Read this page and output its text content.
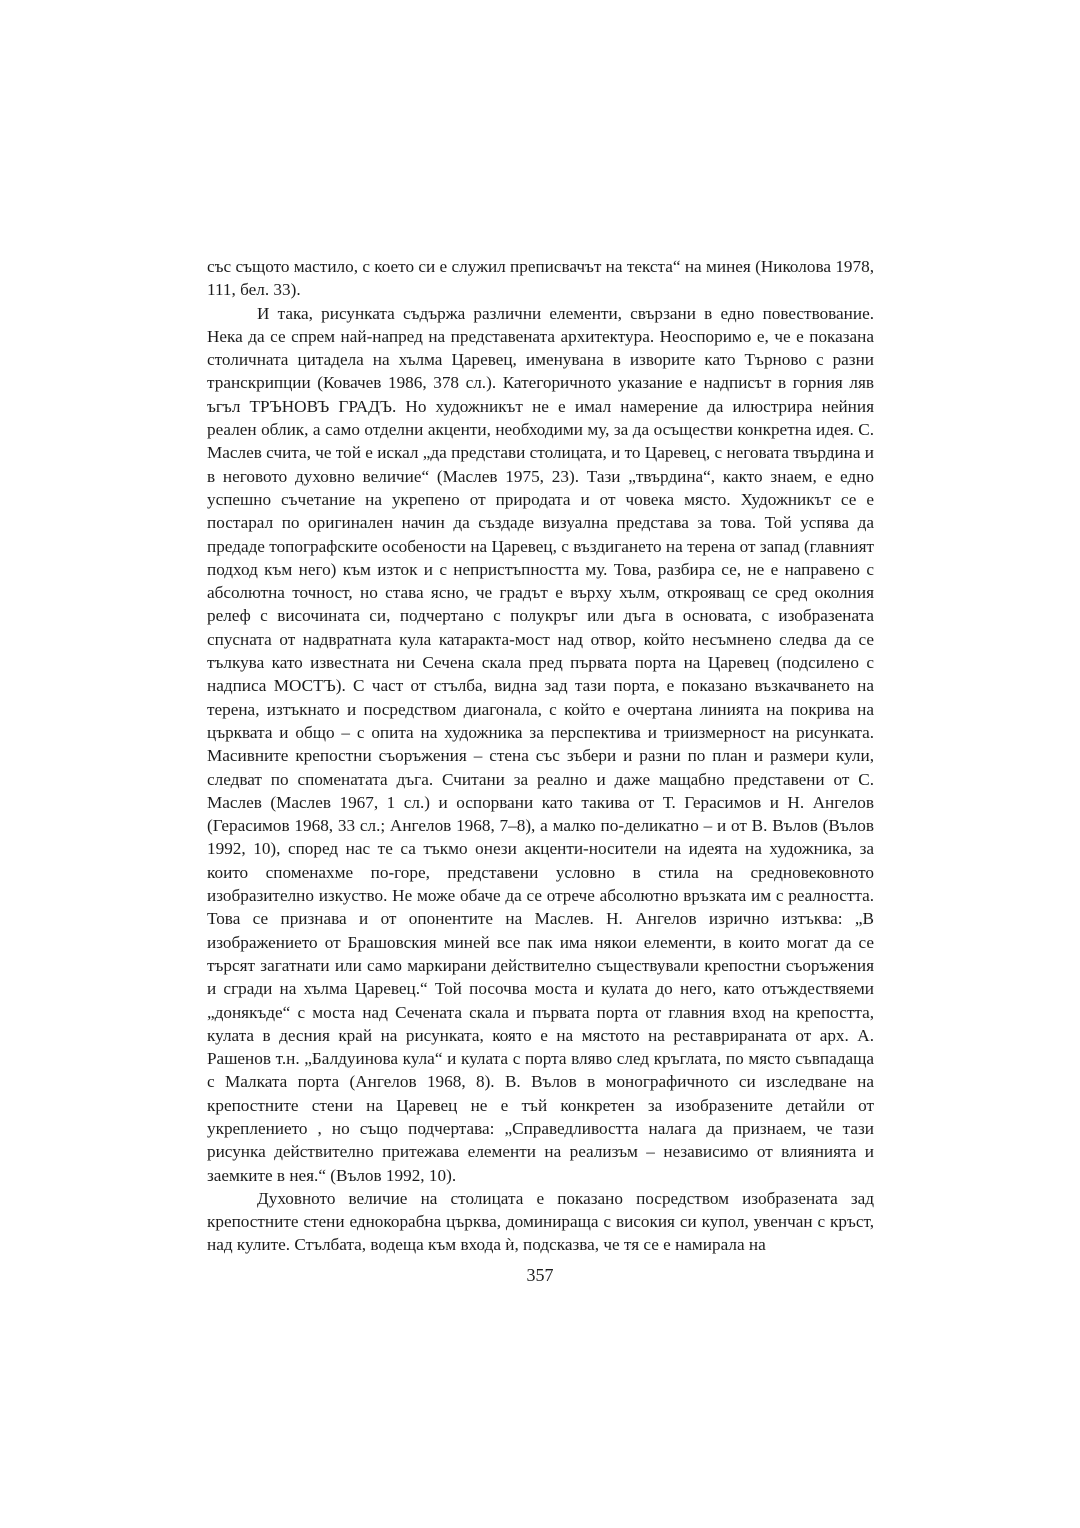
със същото мастило, с което си е служил преписвачът на текста“ на минея (Николова 1978, 111, бел. 33).

И така, рисунката съдържа различни елементи, свързани в едно повествование. Нека да се спрем най-напред на представената архитектура. Неоспоримо е, че е показана столичната цитадела на хълма Царевец, именувана в изворите като Търново с разни транскрипции (Ковачев 1986, 378 сл.). Категоричното указание е надписът в горния ляв ъгъл ТРЪНОВЪ ГРАДЪ. Но художникът не е имал намерение да илюстрира нейния реален облик, а само отделни акценти, необходими му, за да осъществи конкретна идея. С. Маслев счита, че той е искал „да представи столицата, и то Царевец, с неговата твърдина и в неговото духовно величие“ (Маслев 1975, 23). Тази „твърдина“, както знаем, е едно успешно съчетание на укрепено от природата и от човека място. Художникът се е постарал по оригинален начин да създаде визуална представа за това. Той успява да предаде топографските особености на Царевец, с въздигането на терена от запад (главният подход към него) към изток и с непристъпността му. Това, разбира се, не е направено с абсолютна точност, но става ясно, че градът е върху хълм, открояващ се сред околния релеф с височината си, подчертано с полукръг или дъга в основата, с изобразената спусната от надвратната кула катаракта-мост над отвор, който несъмнено следва да се тълкува като известната ни Сечена скала пред първата порта на Царевец (подсилено с надписа МОСТЪ). С част от стълба, видна зад тази порта, е показано възкачването на терена, изтъкнато и посредством диагонала, с който е очертана линията на покрива на църквата и общо – с опита на художника за перспектива и триизмерност на рисунката. Масивните крепостни съоръжения – стена със зъбери и разни по план и размери кули, следват по споменатата дъга. Считани за реално и даже мащабно представени от С. Маслев (Маслев 1967, 1 сл.) и оспорвани като такива от Т. Герасимов и Н. Ангелов (Герасимов 1968, 33 сл.; Ангелов 1968, 7–8), а малко по-деликатно – и от В. Вълов (Вълов 1992, 10), според нас те са тъкмо онези акценти-носители на идеята на художника, за които споменахме по-горе, представени условно в стила на средновековното изобразително изкуство. Не може обаче да се отрече абсолютно връзката им с реалността. Това се признава и от опонентите на Маслев. Н. Ангелов изрично изтъква: „В изображението от Брашовския миней все пак има някои елементи, в които могат да се търсят загатнати или само маркирани действително съществували крепостни съоръжения и сгради на хълма Царевец.“ Той посочва моста и кулата до него, като отъждествяеми „донякъде“ с моста над Сечената скала и първата порта от главния вход на крепостта, кулата в десния край на рисунката, която е на мястото на реставрираната от арх. А. Рашенов т.н. „Балдуинова кула“ и кулата с порта вляво след кръглата, по място съвпадаща с Малката порта (Ангелов 1968, 8). В. Вълов в монографичното си изследване на крепостните стени на Царевец не е тъй конкретен за изобразените детайли от укреплението , но също подчертава: „Справедливостта налага да признаем, че тази рисунка действително притежава елементи на реализъм – независимо от влиянията и заемките в нея.“ (Вълов 1992, 10).

Духовното величие на столицата е показано посредством изобразената зад крепостните стени еднокорабна църква, доминираща с високия си купол, увенчан с кръст, над кулите. Стълбата, водеща към входа ѝ, подсказва, че тя се е намирала на

357
